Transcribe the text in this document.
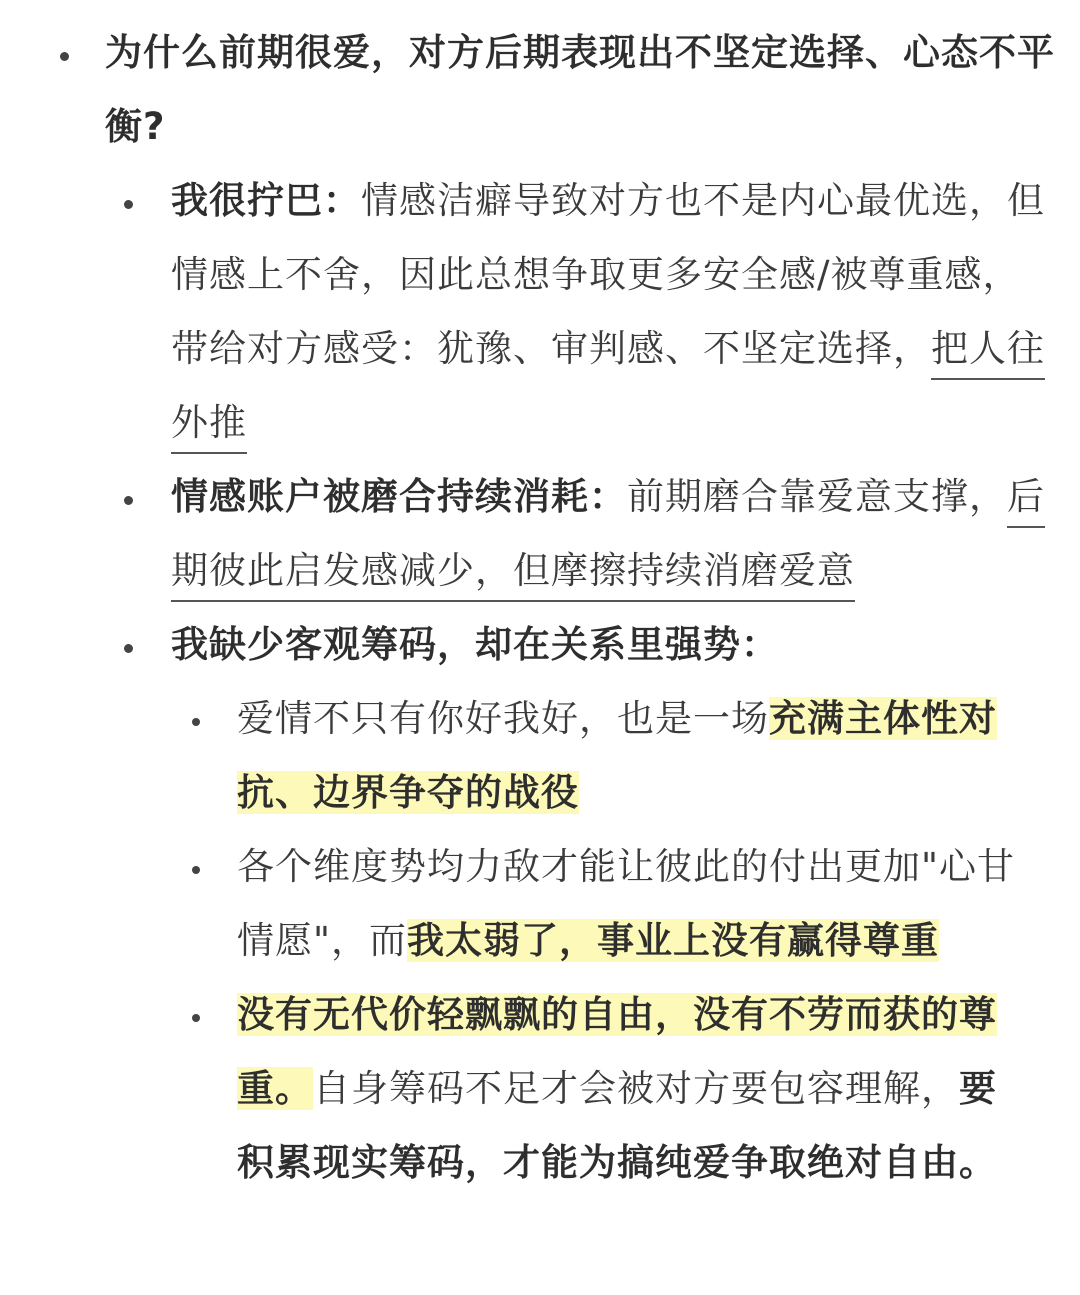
为什么前期很爱，对方后期表现出不坚定选择、心态不平衡?
我很拧巴：情感洁癖导致对方也不是内心最优选，但情感上不舍，因此总想争取更多安全感/被尊重感，带给对方感受：犹豫、审判感、不坚定选择，把人往外推
情感账户被磨合持续消耗：前期磨合靠爱意支撑，后期彼此启发感减少，但摩擦持续消磨爱意
我缺少客观筹码，却在关系里强势：
爱情不只有你好我好，也是一场充满主体性对抗、边界争夺的战役
各个维度势均力敌才能让彼此的付出更加"心甘情愿"，而我太弱了，事业上没有赢得尊重
没有无代价轻飘飘的自由，没有不劳而获的尊重。自身筹码不足才会被对方要包容理解，要积累现实筹码，才能为搞纯爱争取绝对自由。
